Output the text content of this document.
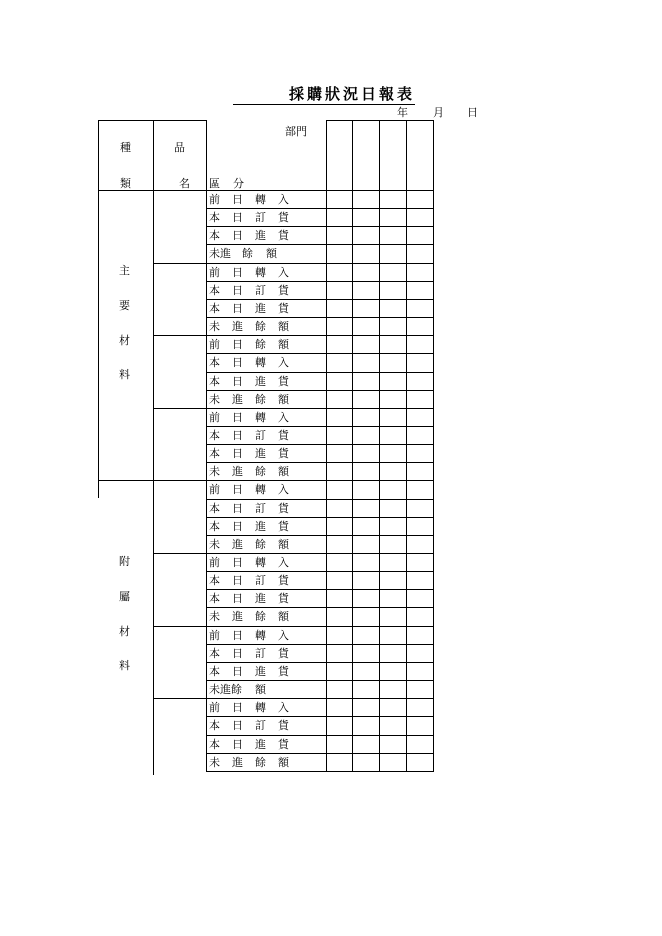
採購狀況日報表
年 月 日
種
類
品
名
部門
區 分
主
要
材
料
附
屬
材
料
前 日 轉 入
本 日 訂 貨
本 日 進 貨
未進 餘 額
前 日 轉 入
本 日 訂 貨
本 日 進 貨
未 進 餘 額
前 日 餘 額
本 日 轉 入
本 日 進 貨
未 進 餘 額
前 日 轉 入
本 日 訂 貨
本 日 進 貨
未 進 餘 額
前 日 轉 入
本 日 訂 貨
本 日 進 貨
未 進 餘 額
前 日 轉 入
本 日 訂 貨
本 日 進 貨
未 進 餘 額
前 日 轉 入
本 日 訂 貨
本 日 進 貨
未進餘 額
前 日 轉 入
本 日 訂 貨
本 日 進 貨
未 進 餘 額
